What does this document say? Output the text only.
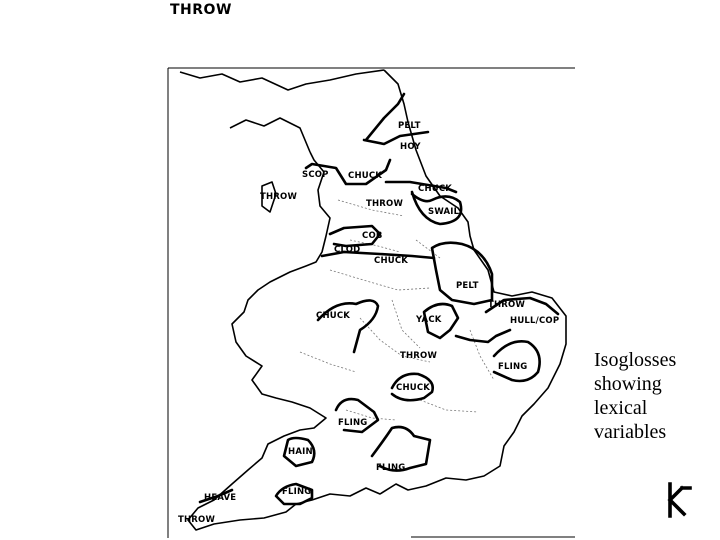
THROW
PELT
HOY
SCOP CHUCK
CHUCK
THROW
THROW
SWAIL
COB
CLOD
CHUCK
PELT
THROW
HULL/COP
CHUCK	YACK
FLING
THROW
CHUCK
FLING
HAIN
FLING
HEAVE
FLING
THROW
Isoglosses
showing
lexical
variables
